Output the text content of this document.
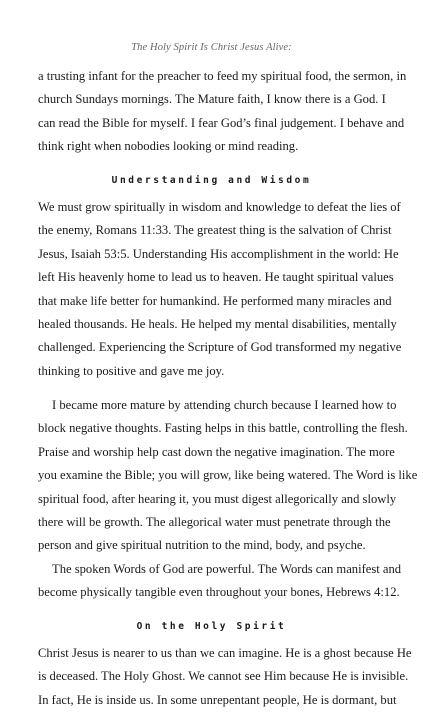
The Holy Spirit Is Christ Jesus Alive:
a trusting infant for the preacher to feed my spiritual food, the sermon, in
church Sundays mornings. The Mature faith, I know there is a God. I
can read the Bible for myself. I fear God’s final judgement. I behave and
think right when nobodies looking or mind reading.
Understanding and Wisdom
We must grow spiritually in wisdom and knowledge to defeat the lies of
the enemy, Romans 11:33. The greatest thing is the salvation of Christ
Jesus, Isaiah 53:5. Understanding His accomplishment in the world: He
left His heavenly home to lead us to heaven. He taught spiritual values
that make life better for humankind. He performed many miracles and
healed thousands. He heals. He helped my mental disabilities, mentally
challenged. Experiencing the Scripture of God transformed my negative
thinking to positive and gave me joy.
I became more mature by attending church because I learned how to
block negative thoughts. Fasting helps in this battle, controlling the flesh.
Praise and worship help cast down the negative imagination. The more
you examine the Bible; you will grow, like being watered. The Word is like
spiritual food, after hearing it, you must digest allegorically and slowly
there will be growth. The allegorical water must penetrate through the
person and give spiritual nutrition to the mind, body, and psyche.
The spoken Words of God are powerful. The Words can manifest and
become physically tangible even throughout your bones, Hebrews 4:12.
On the Holy Spirit
Christ Jesus is nearer to us than we can imagine. He is a ghost because He
is deceased. The Holy Ghost. We cannot see Him because He is invisible.
In fact, He is inside us. In some unrepentant people, He is dormant, but
